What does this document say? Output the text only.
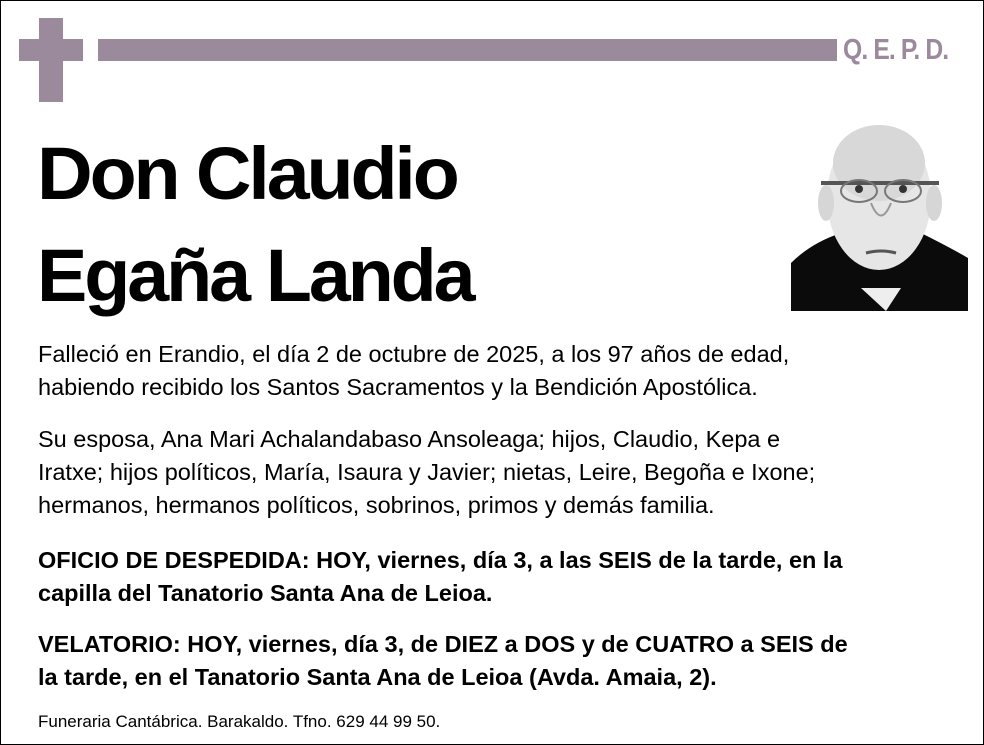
Q. E. P. D.
Don Claudio
Egaña Landa
Falleció en Erandio, el día 2 de octubre de 2025, a los 97 años de edad,
habiendo recibido los Santos Sacramentos y la Bendición Apostólica.
Su esposa, Ana Mari Achalandabaso Ansoleaga; hijos, Claudio, Kepa e
Iratxe; hijos políticos, María, Isaura y Javier; nietas, Leire, Begoña e Ixone;
hermanos, hermanos políticos, sobrinos, primos y demás familia.
OFICIO DE DESPEDIDA: HOY, viernes, día 3, a las SEIS de la tarde, en la
capilla del Tanatorio Santa Ana de Leioa.
VELATORIO: HOY, viernes, día 3, de DIEZ a DOS y de CUATRO a SEIS de
la tarde, en el Tanatorio Santa Ana de Leioa (Avda. Amaia, 2).
Funeraria Cantábrica. Barakaldo. Tfno. 629 44 99 50.
